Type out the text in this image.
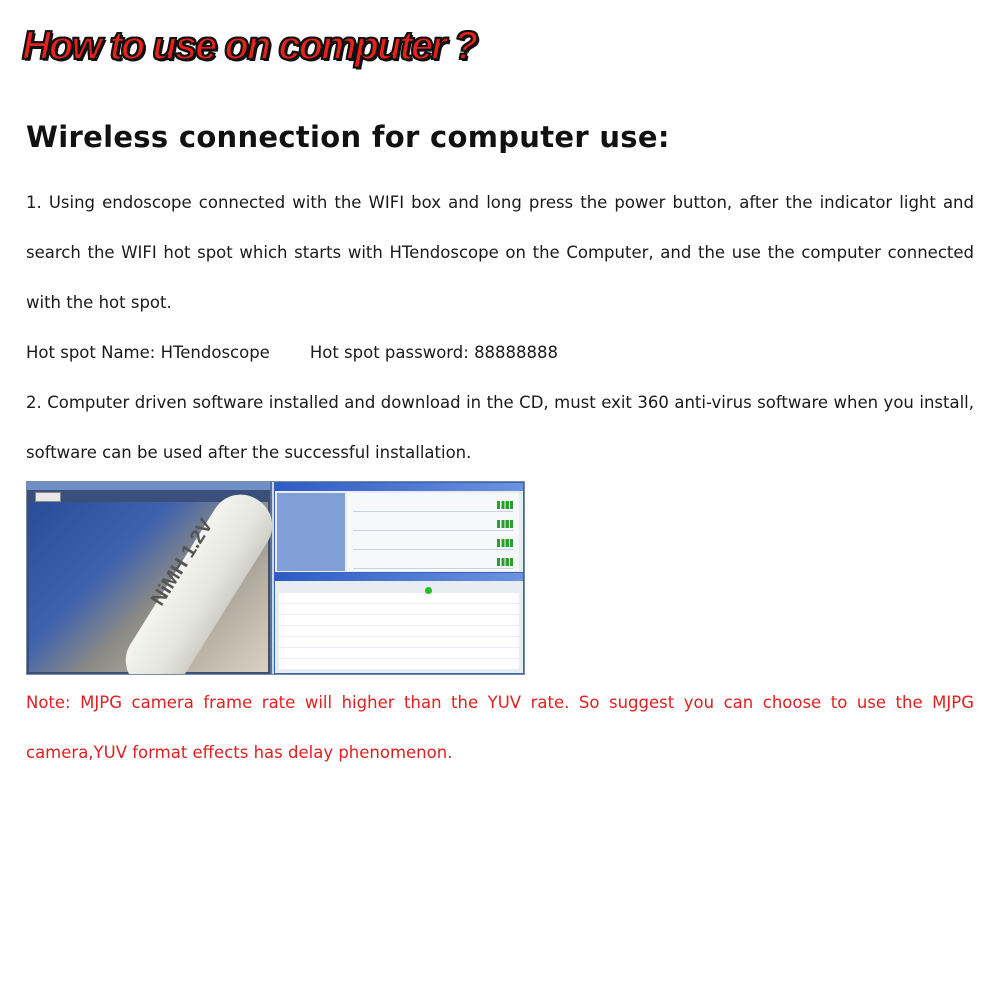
How to use on computer ?
Wireless connection for computer use:
1. Using endoscope connected with the WIFI box and long press the power button, after the indicator light and search the WIFI hot spot which starts with HTendoscope on the Computer, and the use the computer connected with the hot spot.
Hot spot Name: HTendoscope Hot spot password: 88888888
2. Computer driven software installed and download in the CD, must exit 360 anti-virus software when you install, software can be used after the successful installation.
NiMH 1.2V
Note: MJPG camera frame rate will higher than the YUV rate. So suggest you can choose to use the MJPG camera,YUV format effects has delay phenomenon.
